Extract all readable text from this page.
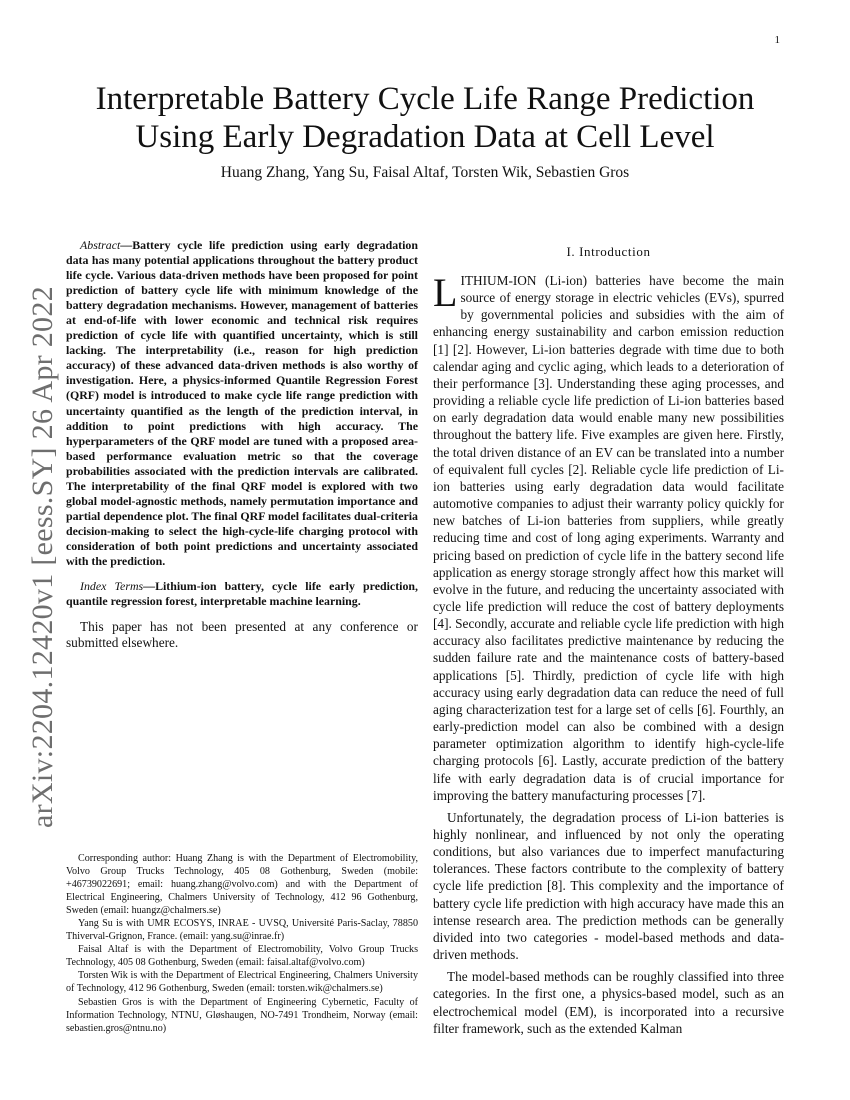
1
arXiv:2204.12420v1 [eess.SY] 26 Apr 2022
Interpretable Battery Cycle Life Range Prediction Using Early Degradation Data at Cell Level

Huang Zhang, Yang Su, Faisal Altaf, Torsten Wik, Sebastien Gros

Abstract—Battery cycle life prediction using early degradation data has many potential applications throughout the battery product life cycle. Various data-driven methods have been proposed for point prediction of battery cycle life with minimum knowledge of the battery degradation mechanisms. However, management of batteries at end-of-life with lower economic and technical risk requires prediction of cycle life with quantified uncertainty, which is still lacking. The interpretability (i.e., reason for high prediction accuracy) of these advanced data-driven methods is also worthy of investigation. Here, a physics-informed Quantile Regression Forest (QRF) model is introduced to make cycle life range prediction with uncertainty quantified as the length of the prediction interval, in addition to point predictions with high accuracy. The hyperparameters of the QRF model are tuned with a proposed area-based performance evaluation metric so that the coverage probabilities associated with the prediction intervals are calibrated. The interpretability of the final QRF model is explored with two global model-agnostic methods, namely permutation importance and partial dependence plot. The final QRF model facilitates dual-criteria decision-making to select the high-cycle-life charging protocol with consideration of both point predictions and uncertainty associated with the prediction.

Index Terms—Lithium-ion battery, cycle life early prediction, quantile regression forest, interpretable machine learning.

This paper has not been presented at any conference or submitted elsewhere.

Corresponding author: Huang Zhang is with the Department of Electromobility, Volvo Group Trucks Technology, 405 08 Gothenburg, Sweden (mobile: +46739022691; email: huang.zhang@volvo.com) and with the Department of Electrical Engineering, Chalmers University of Technology, 412 96 Gothenburg, Sweden (email: huangz@chalmers.se)

Yang Su is with UMR ECOSYS, INRAE - UVSQ, Université Paris-Saclay, 78850 Thiverval-Grignon, France. (email: yang.su@inrae.fr)

Faisal Altaf is with the Department of Electromobility, Volvo Group Trucks Technology, 405 08 Gothenburg, Sweden (email: faisal.altaf@volvo.com)

Torsten Wik is with the Department of Electrical Engineering, Chalmers University of Technology, 412 96 Gothenburg, Sweden (email: torsten.wik@chalmers.se)

Sebastien Gros is with the Department of Engineering Cybernetic, Faculty of Information Technology, NTNU, Gløshaugen, NO-7491 Trondheim, Norway (email: sebastien.gros@ntnu.no)

I. Introduction

LITHIUM-ION (Li-ion) batteries have become the main source of energy storage in electric vehicles (EVs), spurred by governmental policies and subsidies with the aim of enhancing energy sustainability and carbon emission reduction [1] [2]. However, Li-ion batteries degrade with time due to both calendar aging and cyclic aging, which leads to a deterioration of their performance [3]. Understanding these aging processes, and providing a reliable cycle life prediction of Li-ion batteries based on early degradation data would enable many new possibilities throughout the battery life. Five examples are given here. Firstly, the total driven distance of an EV can be translated into a number of equivalent full cycles [2]. Reliable cycle life prediction of Li-ion batteries using early degradation data would facilitate automotive companies to adjust their warranty policy quickly for new batches of Li-ion batteries from suppliers, while greatly reducing time and cost of long aging experiments. Warranty and pricing based on prediction of cycle life in the battery second life application as energy storage strongly affect how this market will evolve in the future, and reducing the uncertainty associated with cycle life prediction will reduce the cost of battery deployments [4]. Secondly, accurate and reliable cycle life prediction with high accuracy also facilitates predictive maintenance by reducing the sudden failure rate and the maintenance costs of battery-based applications [5]. Thirdly, prediction of cycle life with high accuracy using early degradation data can reduce the need of full aging characterization test for a large set of cells [6]. Fourthly, an early-prediction model can also be combined with a design parameter optimization algorithm to identify high-cycle-life charging protocols [6]. Lastly, accurate prediction of the battery life with early degradation data is of crucial importance for improving the battery manufacturing processes [7].

Unfortunately, the degradation process of Li-ion batteries is highly nonlinear, and influenced by not only the operating conditions, but also variances due to imperfect manufacturing tolerances. These factors contribute to the complexity of battery cycle life prediction [8]. This complexity and the importance of battery cycle life prediction with high accuracy have made this an intense research area. The prediction methods can be generally divided into two categories - model-based methods and data-driven methods.

The model-based methods can be roughly classified into three categories. In the first one, a physics-based model, such as an electrochemical model (EM), is incorporated into a recursive filter framework, such as the extended Kalman
